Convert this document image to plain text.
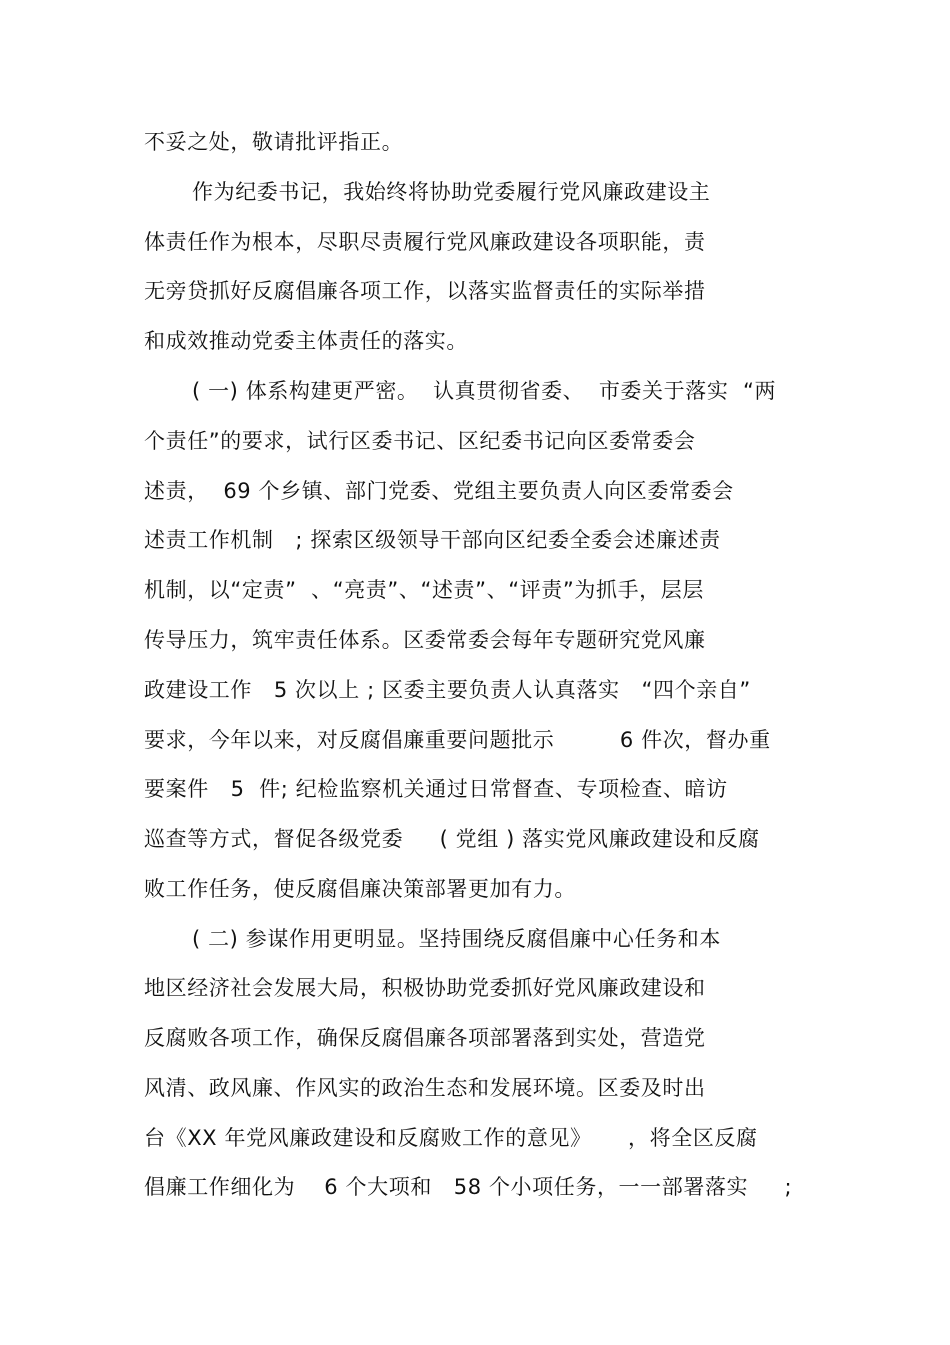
不妥之处，敬请批评指正。
作为纪委书记，我始终将协助党委履行党风廉政建设主
体责任作为根本，尽职尽责履行党风廉政建设各项职能，责
无旁贷抓好反腐倡廉各项工作，以落实监督责任的实际举措
和成效推动党委主体责任的落实。
( 一) 体系构建更严密。  认真贯彻省委、  市委关于落实  “两
个责任”的要求，试行区委书记、区纪委书记向区委常委会
述责，  69 个乡镇、部门党委、党组主要负责人向区委常委会
述责工作机制   ; 探索区级领导干部向区纪委全委会述廉述责
机制，以“定责”  、“亮责”、“述责”、“评责”为抓手，层层
传导压力，筑牢责任体系。区委常委会每年专题研究党风廉
政建设工作   5 次以上 ; 区委主要负责人认真落实   “四个亲自”
要求，今年以来，对反腐倡廉重要问题批示         6 件次，督办重
要案件   5  件; 纪检监察机关通过日常督查、专项检查、暗访
巡查等方式，督促各级党委     ( 党组 ) 落实党风廉政建设和反腐
败工作任务，使反腐倡廉决策部署更加有力。
( 二) 参谋作用更明显。坚持围绕反腐倡廉中心任务和本
地区经济社会发展大局，积极协助党委抓好党风廉政建设和
反腐败各项工作，确保反腐倡廉各项部署落到实处，营造党
风清、政风廉、作风实的政治生态和发展环境。区委及时出
台《XX 年党风廉政建设和反腐败工作的意见》     ，将全区反腐
倡廉工作细化为    6 个大项和   58 个小项任务，一一部署落实     ;
